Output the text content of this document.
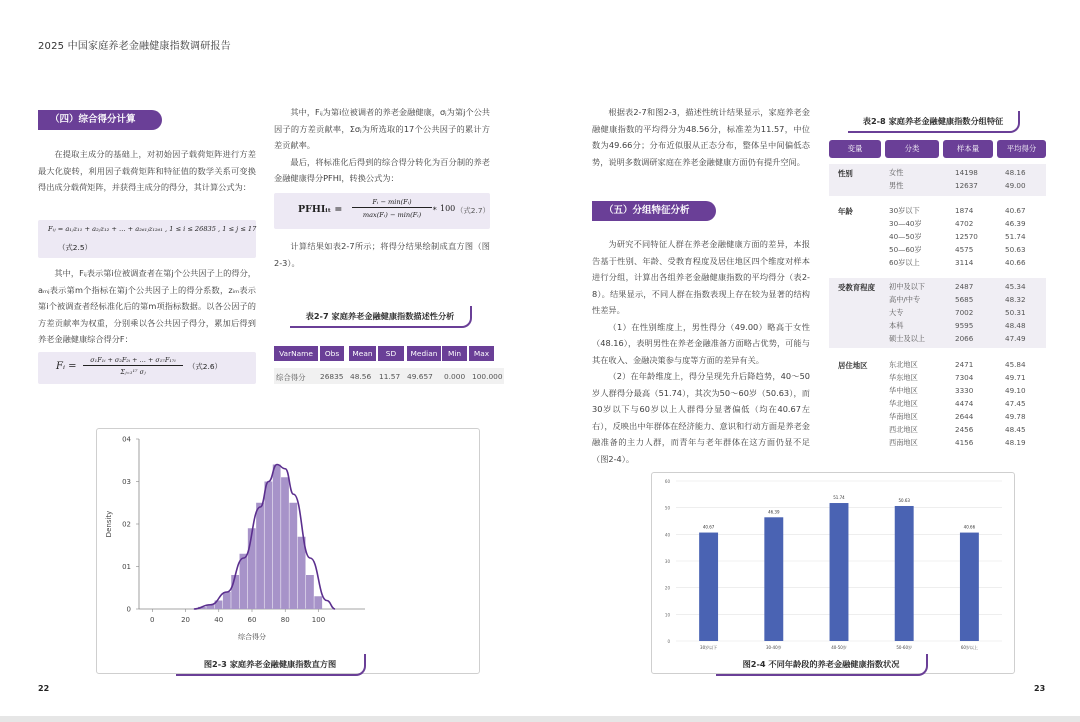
2025 中国家庭养老金融健康指数调研报告
（四）综合得分计算

在提取主成分的基础上，对初始因子载荷矩阵进行方差最大化旋转，利用因子载荷矩阵和特征值的数学关系可变换得出成分载荷矩阵，并获得主成分的得分，其计算公式为：

Fᵢⱼ = a₁ⱼz₁₁ + a₂ⱼz₁₂ + … + a₂₆₁ⱼz₁₂₆₁ , 1 ≤ i ≤ 26835 , 1 ≤ j ≤ 17
（式2.5）

其中，Fᵢⱼ表示第i位被调查者在第j个公共因子上的得分，aₘⱼ表示第m个指标在第j个公共因子上的得分系数，zᵢₘ表示第i个被调查者经标准化后的第m项指标数据。以各公因子的方差贡献率为权重，分别乘以各公共因子得分，累加后得到养老金融健康综合得分F：

Fᵢ =
σ₁F₁ᵢ + σ₂F₂ᵢ + … + σ₁₇F₁₇ᵢ
Σⱼ₌₁¹⁷ σⱼ
（式2.6）

其中，Fᵢⱼ为第i位被调者的养老金融健康，σⱼ为第j个公共因子的方差贡献率，Σσⱼ为所选取的17个公共因子的累计方差贡献率。

最后，将标准化后得到的综合得分转化为百分制的养老金融健康得分PFHI，转换公式为：

PFHIᵢₜ =
Fᵢ − min(Fᵢ)
max(Fᵢ) − min(Fᵢ)
∗ 100 （式2.7）

计算结果如表2-7所示；将得分结果绘制成直方图（图2-3）。

表2-7 家庭养老金融健康指数描述性分析
VarName	Obs	Mean	SD	Median	Min	Max
综合得分 26835 48.56 11.57 49.657 0.000 100.000
0
01
02
03
04
0	20	40	60	80	100
综合得分
Density
图2-3 家庭养老金融健康指数直方图
22

根据表2-7和图2-3，描述性统计结果显示，家庭养老金融健康指数的平均得分为48.56分，标准差为11.57，中位数为49.66分；分布近似服从正态分布，整体呈中间偏低态势，说明多数调研家庭在养老金融健康方面仍有提升空间。

（五）分组特征分析

为研究不同特征人群在养老金融健康方面的差异，本报告基于性别、年龄、受教育程度及居住地区四个维度对样本进行分组，计算出各组养老金融健康指数的平均得分（表2-8）。结果显示，不同人群在指数表现上存在较为显著的结构性差异。

（1）在性别维度上，男性得分（49.00）略高于女性（48.16），表明男性在养老金融准备方面略占优势，可能与其在收入、金融决策参与度等方面的差异有关。

（2）在年龄维度上，得分呈现先升后降趋势，40～50岁人群得分最高（51.74），其次为50～60岁（50.63），而30岁以下与60岁以上人群得分显著偏低（均在40.67左右），反映出中年群体在经济能力、意识和行动方面是养老金融准备的主力人群，而青年与老年群体在这方面仍显不足（图2-4）。

表2-8 家庭养老金融健康指数分组特征
变量	分类	样本量	平均得分
性别	女性	14198	48.16
男性	12637	49.00
年龄	30岁以下	1874	40.67
30—40岁	4702	46.39
40—50岁	12570	51.74
50—60岁	4575	50.63
60岁以上	3114	40.66
受教育程度 初中及以下	2487	45.34
高中/中专	5685	48.32
大专	7002	50.31
本科	9595	48.48
硕士及以上	2066	47.49
居住地区	东北地区	2471	45.84
华东地区	7304	49.71
华中地区	3330	49.10
华北地区	4474	47.45
华南地区	2644	49.78
西北地区	2456	48.45
西南地区	4156	48.19
0
10
20
30
40
50
60
40.67
30岁以下
46.39
30-40岁
51.74
40-50岁
50.63
50-60岁
40.66
60岁以上
图2-4 不同年龄段的养老金融健康指数状况
23
